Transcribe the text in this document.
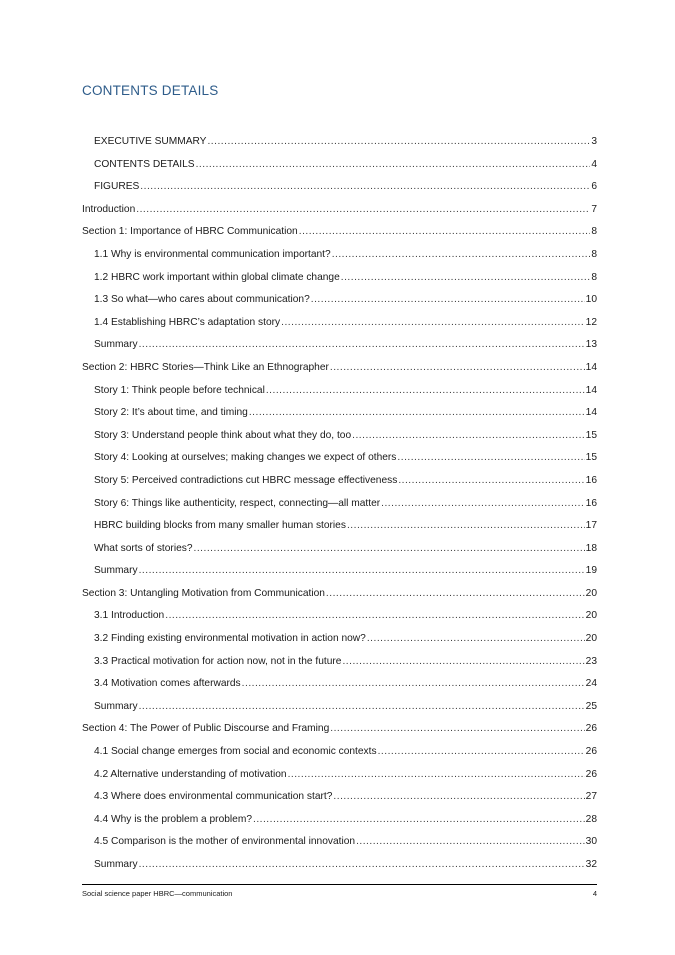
CONTENTS DETAILS
EXECUTIVE SUMMARY .....	3
CONTENTS DETAILS .....	4
FIGURES .....	6
Introduction .....	7
Section 1: Importance of HBRC Communication .....	8
1.1 Why is environmental communication important? .....	8
1.2 HBRC work important within global climate change .....	8
1.3 So what—who cares about communication? .....	10
1.4 Establishing HBRC’s adaptation story .....	12
Summary .....	13
Section 2: HBRC Stories—Think Like an Ethnographer .....	14
Story 1: Think people before technical .....	14
Story 2: It’s about time, and timing .....	14
Story 3: Understand people think about what they do, too .....	15
Story 4: Looking at ourselves; making changes we expect of others .....	15
Story 5: Perceived contradictions cut HBRC message effectiveness .....	16
Story 6: Things like authenticity, respect, connecting—all matter .....	16
HBRC building blocks from many smaller human stories .....	17
What sorts of stories? .....	18
Summary .....	19
Section 3: Untangling Motivation from Communication .....	20
3.1 Introduction .....	20
3.2 Finding existing environmental motivation in action now? .....	20
3.3 Practical motivation for action now, not in the future .....	23
3.4 Motivation comes afterwards .....	24
Summary .....	25
Section 4: The Power of Public Discourse and Framing .....	26
4.1 Social change emerges from social and economic contexts .....	26
4.2 Alternative understanding of motivation .....	26
4.3 Where does environmental communication start? .....	27
4.4 Why is the problem a problem? .....	28
4.5 Comparison is the mother of environmental innovation .....	30
Summary .....	32
Social science paper HBRC—communication	4
